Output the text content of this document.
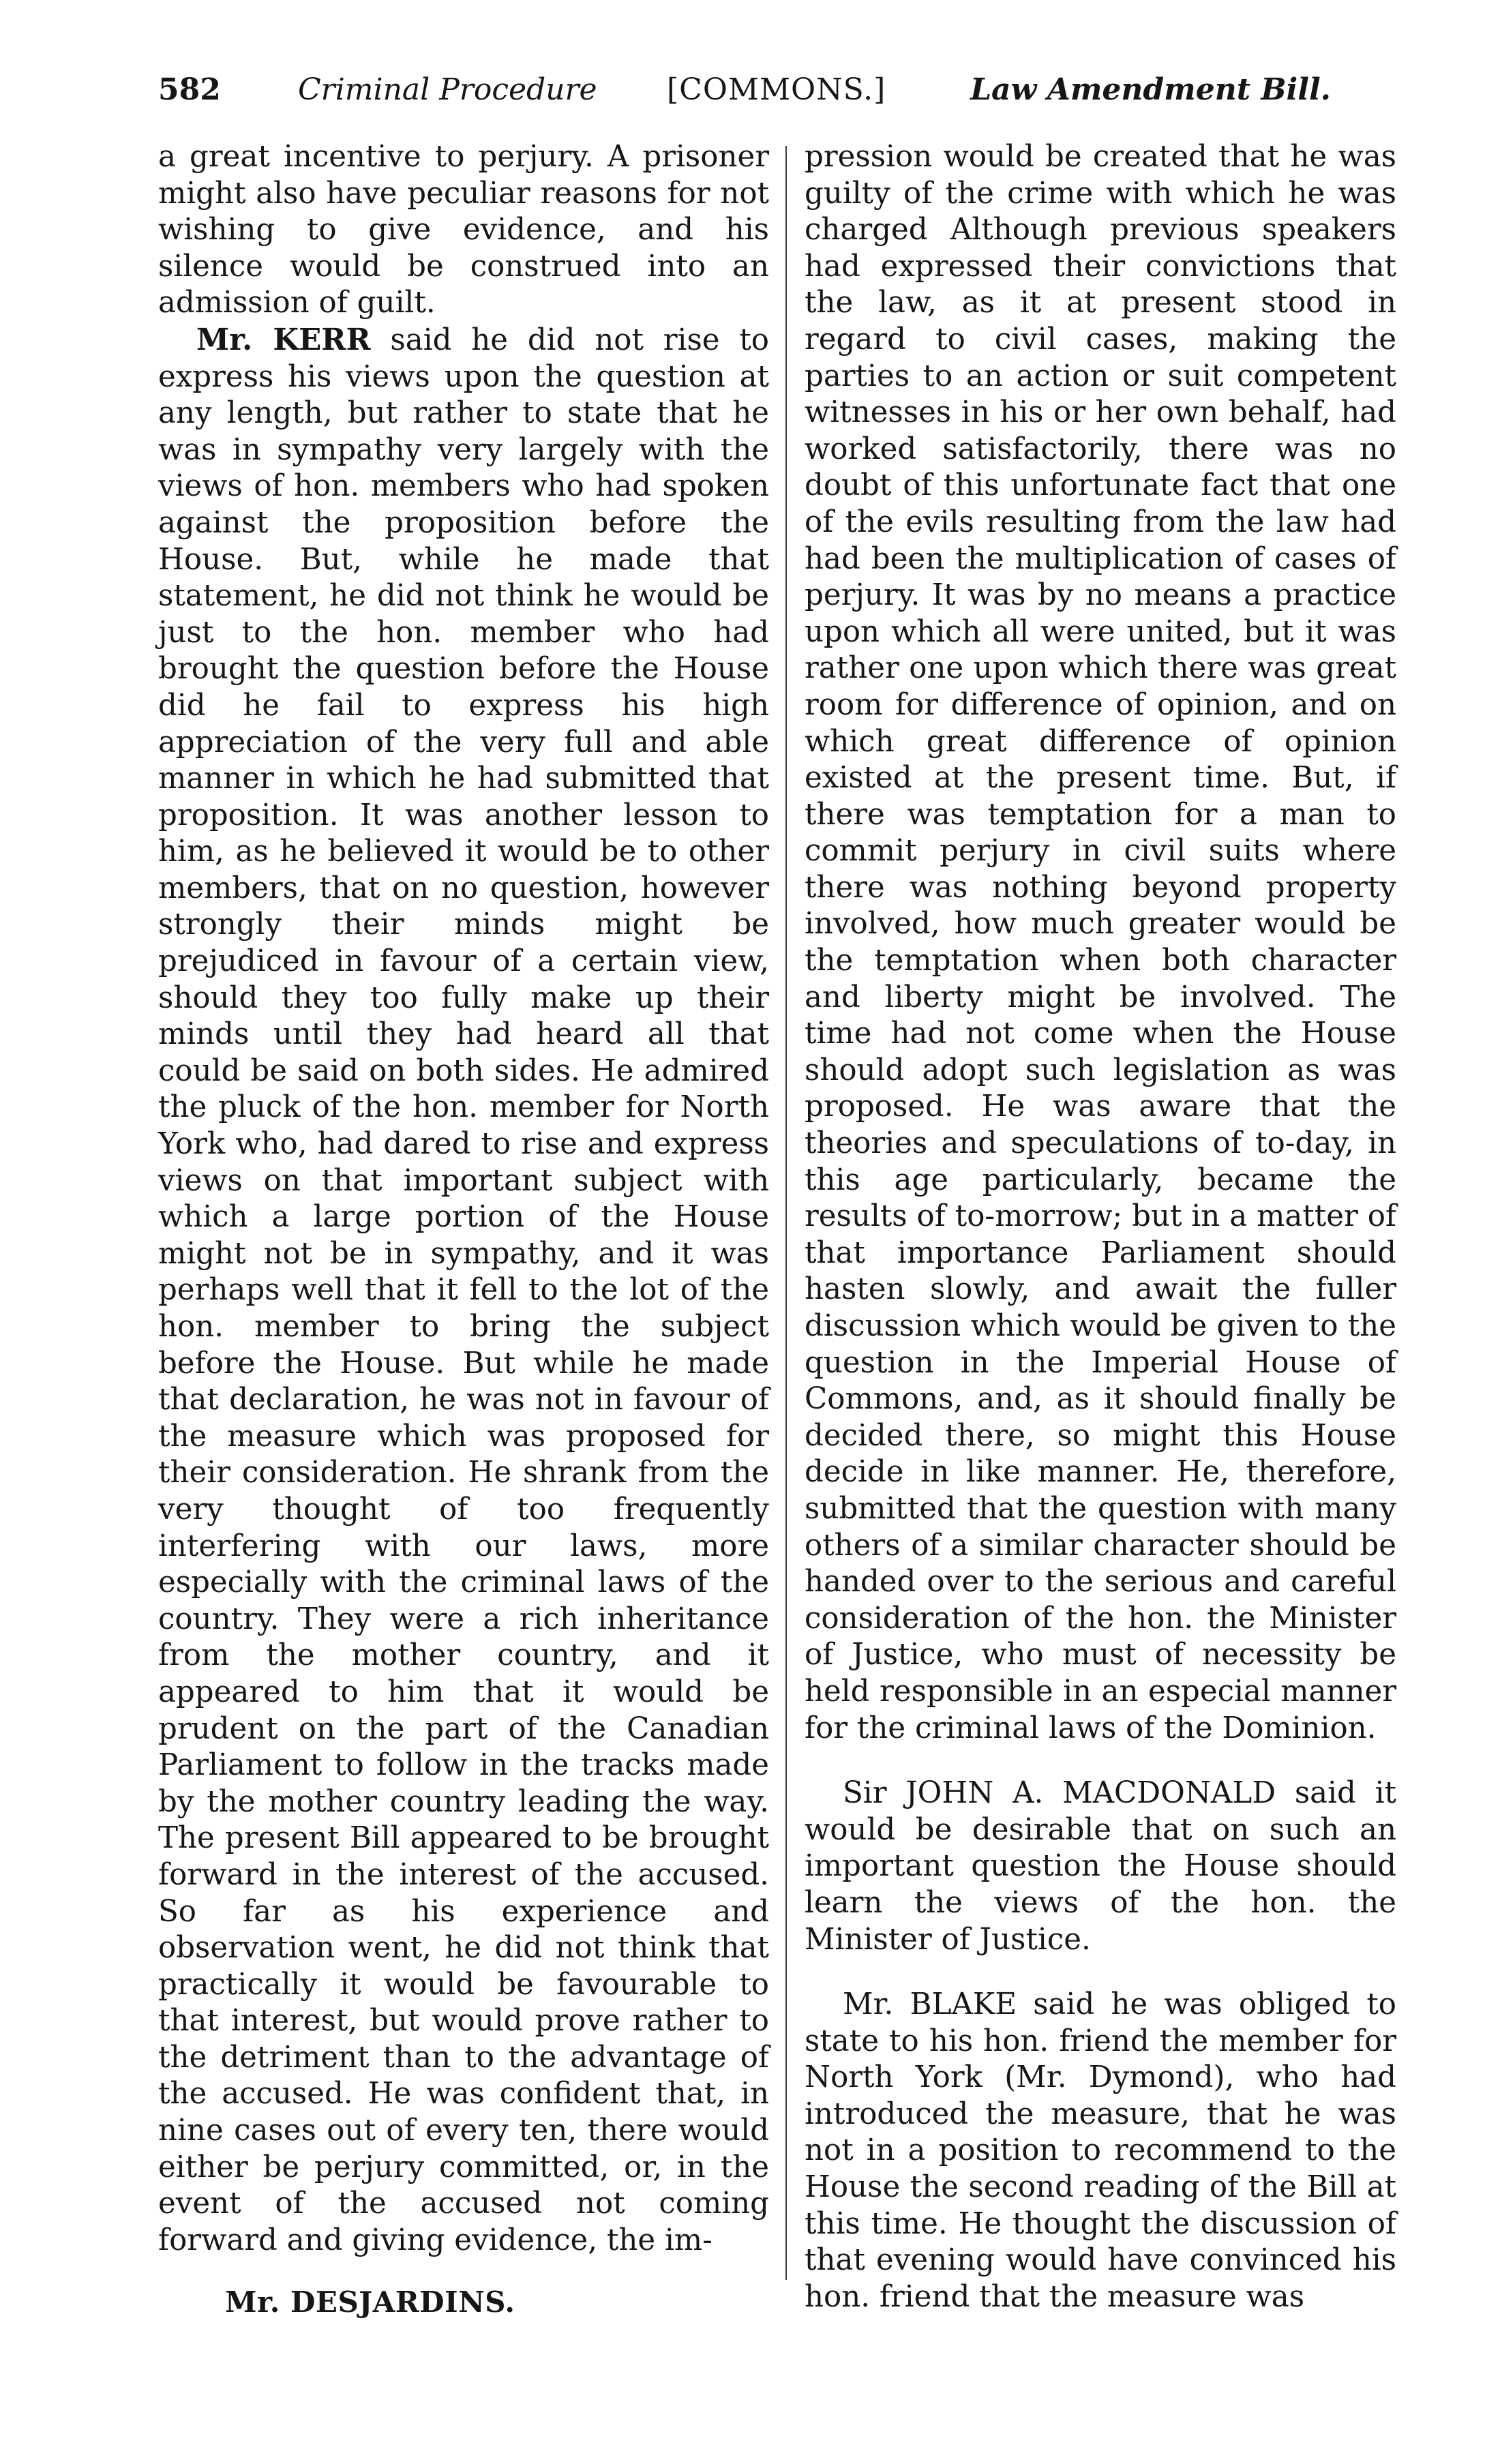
582	Criminal Procedure [COMMONS.]	Law Amendment Bill.

a great incentive to perjury. A prisoner might also have peculiar reasons for not wishing to give evidence, and his silence would be construed into an admission of guilt.

Mr. KERR said he did not rise to express his views upon the question at any length, but rather to state that he was in sympathy very largely with the views of hon. members who had spoken against the proposition before the House. But, while he made that statement, he did not think he would be just to the hon. member who had brought the question before the House did he fail to express his high appreciation of the very full and able manner in which he had submitted that proposition. It was another lesson to him, as he believed it would be to other members, that on no question, however strongly their minds might be prejudiced in favour of a certain view, should they too fully make up their minds until they had heard all that could be said on both sides. He admired the pluck of the hon. member for North York who, had dared to rise and express views on that important subject with which a large portion of the House might not be in sympathy, and it was perhaps well that it fell to the lot of the hon. member to bring the subject before the House. But while he made that declaration, he was not in favour of the measure which was proposed for their consideration. He shrank from the very thought of too frequently interfering with our laws, more especially with the criminal laws of the country. They were a rich inheritance from the mother country, and it appeared to him that it would be prudent on the part of the Canadian Parliament to follow in the tracks made by the mother country leading the way. The present Bill appeared to be brought forward in the interest of the accused. So far as his experience and observation went, he did not think that practically it would be favourable to that interest, but would prove rather to the detriment than to the advantage of the accused. He was confident that, in nine cases out of every ten, there would either be perjury committed, or, in the event of the accused not coming forward and giving evidence, the im-

pression would be created that he was guilty of the crime with which he was charged Although previous speakers had expressed their convictions that the law, as it at present stood in regard to civil cases, making the parties to an action or suit competent witnesses in his or her own behalf, had worked satisfactorily, there was no doubt of this unfortunate fact that one of the evils resulting from the law had had been the multiplication of cases of perjury. It was by no means a practice upon which all were united, but it was rather one upon which there was great room for difference of opinion, and on which great difference of opinion existed at the present time. But, if there was temptation for a man to commit perjury in civil suits where there was nothing beyond property involved, how much greater would be the temptation when both character and liberty might be involved. The time had not come when the House should adopt such legislation as was proposed. He was aware that the theories and speculations of to-day, in this age particularly, became the results of to-morrow; but in a matter of that importance Parliament should hasten slowly, and await the fuller discussion which would be given to the question in the Imperial House of Commons, and, as it should finally be decided there, so might this House decide in like manner. He, therefore, submitted that the question with many others of a similar character should be handed over to the serious and careful consideration of the hon. the Minister of Justice, who must of necessity be held responsible in an especial manner for the criminal laws of the Dominion.

Sir JOHN A. MACDONALD said it would be desirable that on such an important question the House should learn the views of the hon. the Minister of Justice.

Mr. BLAKE said he was obliged to state to his hon. friend the member for North York (Mr. Dymond), who had introduced the measure, that he was not in a position to recommend to the House the second reading of the Bill at this time. He thought the discussion of that evening would have convinced his hon. friend that the measure was

Mr. DESJARDINS.
